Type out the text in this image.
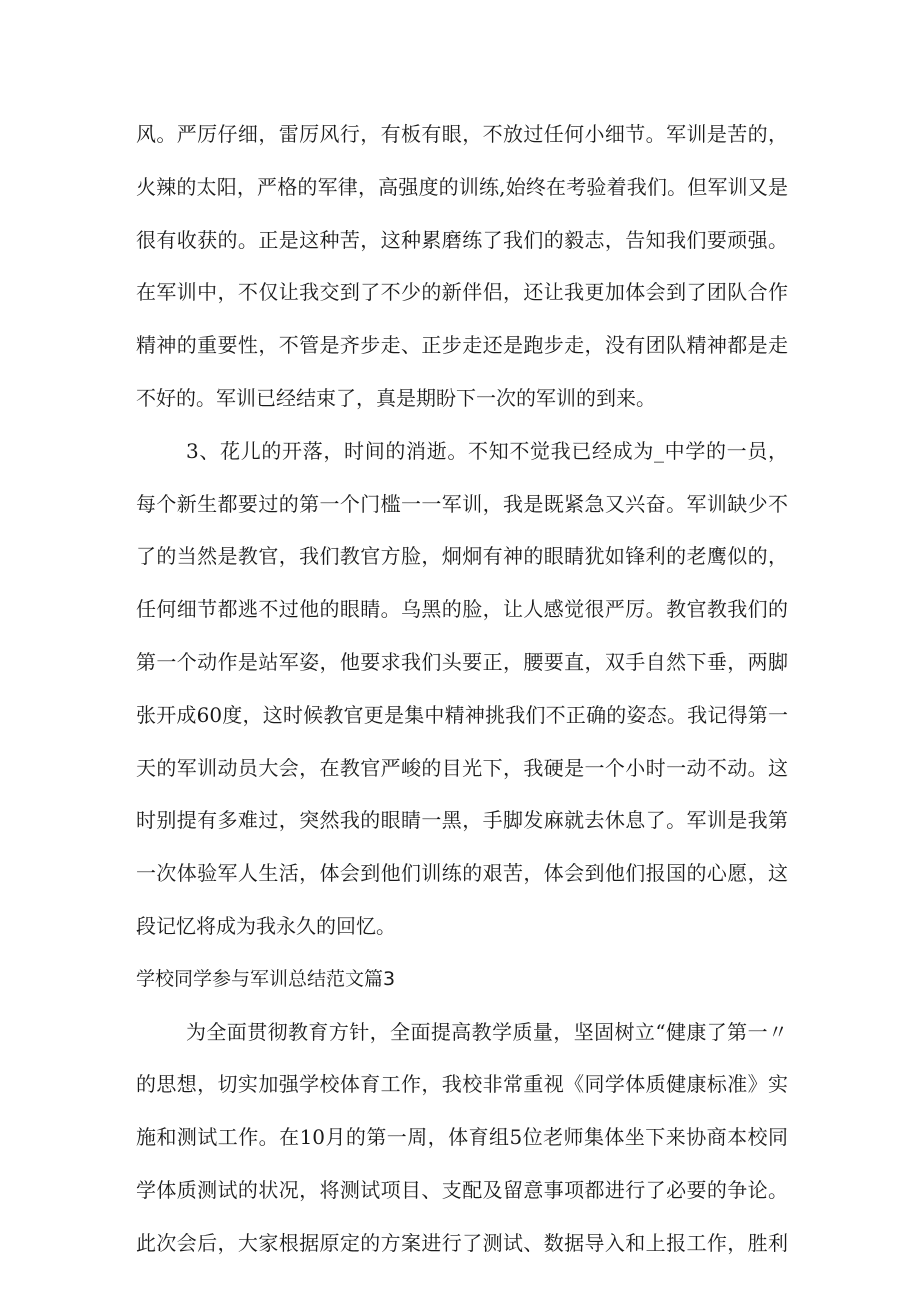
风。严厉仔细，雷厉风行，有板有眼，不放过任何小细节。军训是苦的，
火辣的太阳，严格的军律，高强度的训练,始终在考验着我们。但军训又是
很有收获的。正是这种苦，这种累磨练了我们的毅志，告知我们要顽强。
在军训中，不仅让我交到了不少的新伴侣，还让我更加体会到了团队合作
精神的重要性，不管是齐步走、正步走还是跑步走，没有团队精神都是走
不好的。军训已经结束了，真是期盼下一次的军训的到来。
3、花儿的开落，时间的消逝。不知不觉我已经成为_中学的一员，
每个新生都要过的第一个门槛一一军训，我是既紧急又兴奋。军训缺少不
了的当然是教官，我们教官方脸，炯炯有神的眼睛犹如锋利的老鹰似的，
任何细节都逃不过他的眼睛。乌黑的脸，让人感觉很严厉。教官教我们的
第一个动作是站军姿，他要求我们头要正，腰要直，双手自然下垂，两脚
张开成60度，这时候教官更是集中精神挑我们不正确的姿态。我记得第一
天的军训动员大会，在教官严峻的目光下，我硬是一个小时一动不动。这
时别提有多难过，突然我的眼睛一黑，手脚发麻就去休息了。军训是我第
一次体验军人生活，体会到他们训练的艰苦，体会到他们报国的心愿，这
段记忆将成为我永久的回忆。
学校同学参与军训总结范文篇3
为全面贯彻教育方针，全面提高教学质量，坚固树立“健康了第一〃
的思想，切实加强学校体育工作，我校非常重视《同学体质健康标准》实
施和测试工作。在10月的第一周，体育组5位老师集体坐下来协商本校同
学体质测试的状况，将测试项目、支配及留意事项都进行了必要的争论。
此次会后，大家根据原定的方案进行了测试、数据导入和上报工作，胜利
